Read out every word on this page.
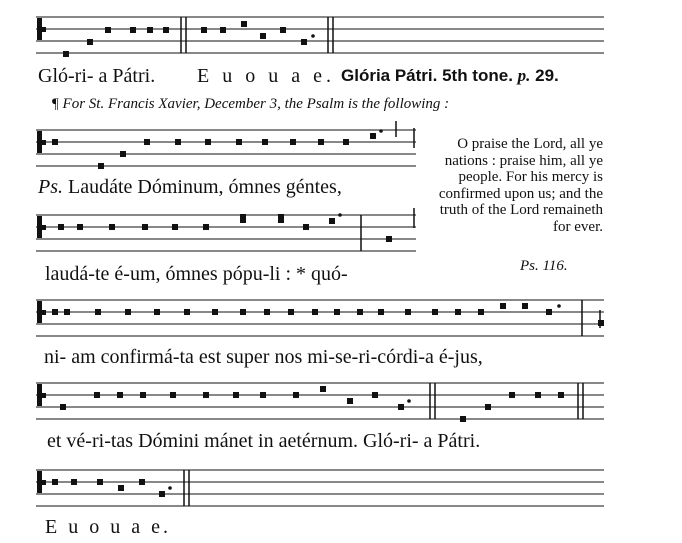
Gló-ri- a Pátri. E u o u a e. Glória Pátri. 5th tone. p. 29.
¶ For St. Francis Xavier, December 3, the Psalm is the following :
Ps. Laudáte Dóminum, ómnes géntes,
laudá-te é-um, ómnes pópu-li : * quó-
ni- am confirmá-ta est super nos mi-se-ri-córdi-a é-jus,
et vé-ri-tas Dómini mánet in aetérnum. Gló-ri- a Pátri.
E u o u a e.
O praise the Lord, all ye nations : praise him, all ye people. For his mercy is confirmed upon us; and the truth of the Lord remaineth for ever.
Ps. 116.
